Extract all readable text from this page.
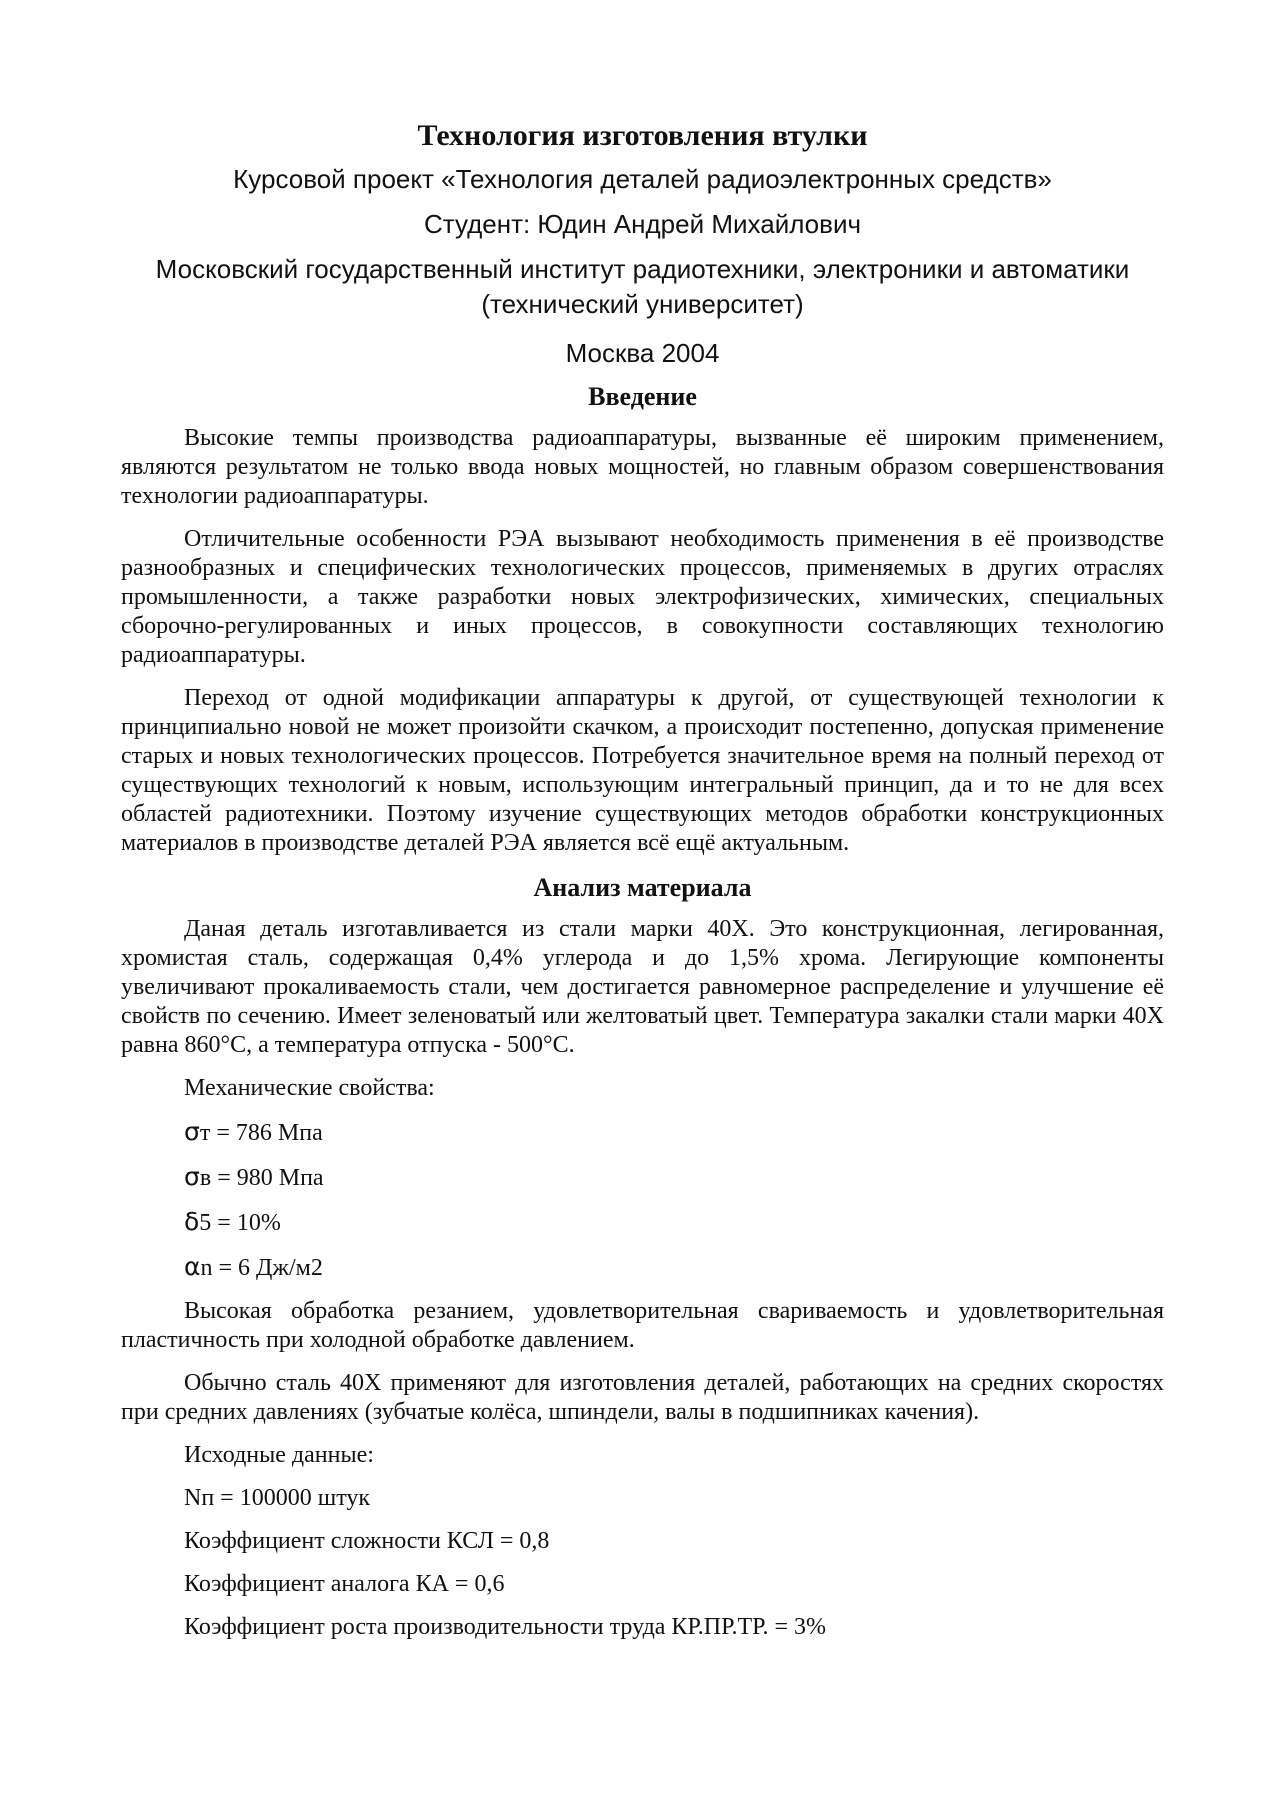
Технология изготовления втулки
Курсовой проект «Технология деталей радиоэлектронных средств»
Студент: Юдин Андрей Михайлович
Московский государственный институт радиотехники, электроники и автоматики (технический университет)
Москва 2004
Введение

Высокие темпы производства радиоаппаратуры, вызванные её широким применением, являются результатом не только ввода новых мощностей, но главным образом совершенствования технологии радиоаппаратуры.

Отличительные особенности РЭА вызывают необходимость применения в её производстве разнообразных и специфических технологических процессов, применяемых в других отраслях промышленности, а также разработки новых электрофизических, химических, специальных сборочно-регулированных и иных процессов, в совокупности составляющих технологию радиоаппаратуры.

Переход от одной модификации аппаратуры к другой, от существующей технологии к принципиально новой не может произойти скачком, а происходит постепенно, допуская применение старых и новых технологических процессов. Потребуется значительное время на полный переход от существующих технологий к новым, использующим интегральный принцип, да и то не для всех областей радиотехники. Поэтому изучение существующих методов обработки конструкционных материалов в производстве деталей РЭА является всё ещё актуальным.

Анализ материала

Даная деталь изготавливается из стали марки 40Х. Это конструкционная, легированная, хромистая сталь, содержащая 0,4% углерода и до 1,5% хрома. Легирующие компоненты увеличивают прокаливаемость стали, чем достигается равномерное распределение и улучшение её свойств по сечению. Имеет зеленоватый или желтоватый цвет. Температура закалки стали марки 40Х равна 860°С, а температура отпуска - 500°С.

Механические свойства:

σт = 786 Мпа

σв = 980 Мпа

δ5 = 10%

αn = 6 Дж/м2

Высокая обработка резанием, удовлетворительная свариваемость и удовлетворительная пластичность при холодной обработке давлением.

Обычно сталь 40Х применяют для изготовления деталей, работающих на средних скоростях при средних давлениях (зубчатые колёса, шпиндели, валы в подшипниках качения).

Исходные данные:

Nп = 100000 штук

Коэффициент сложности КСЛ = 0,8

Коэффициент аналога КА = 0,6

Коэффициент роста производительности труда КР.ПР.ТР. = 3%
